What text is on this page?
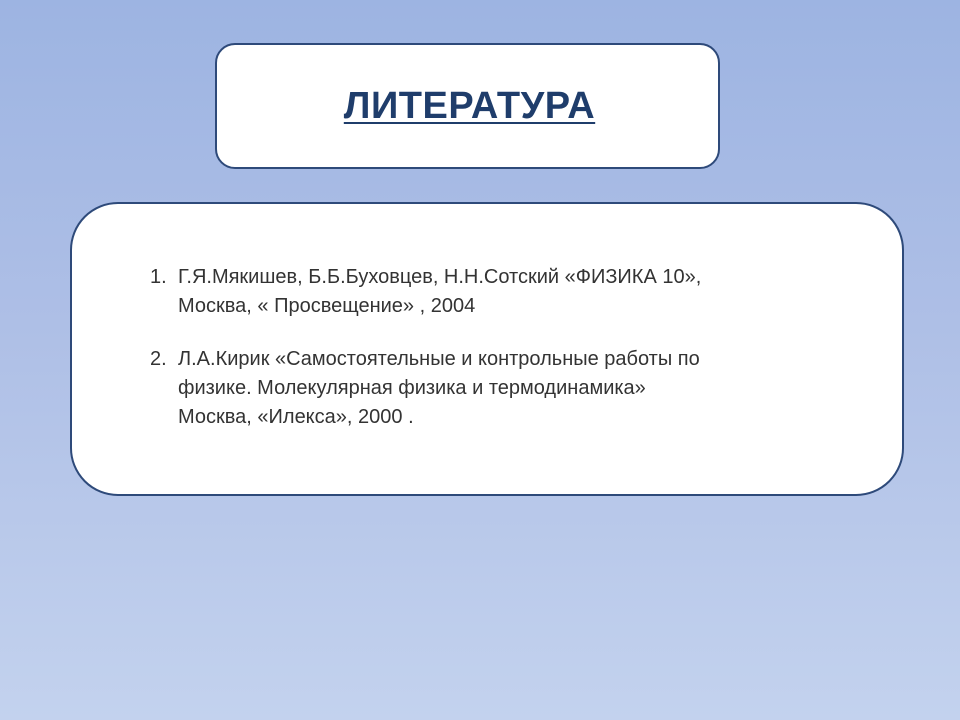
ЛИТЕРАТУРА
1. Г.Я.Мякишев, Б.Б.Буховцев, Н.Н.Сотский «ФИЗИКА 10»,
Москва, « Просвещение» , 2004
2. Л.А.Кирик «Самостоятельные и контрольные работы по
физике. Молекулярная физика и термодинамика»
Москва, «Илекса», 2000 .
